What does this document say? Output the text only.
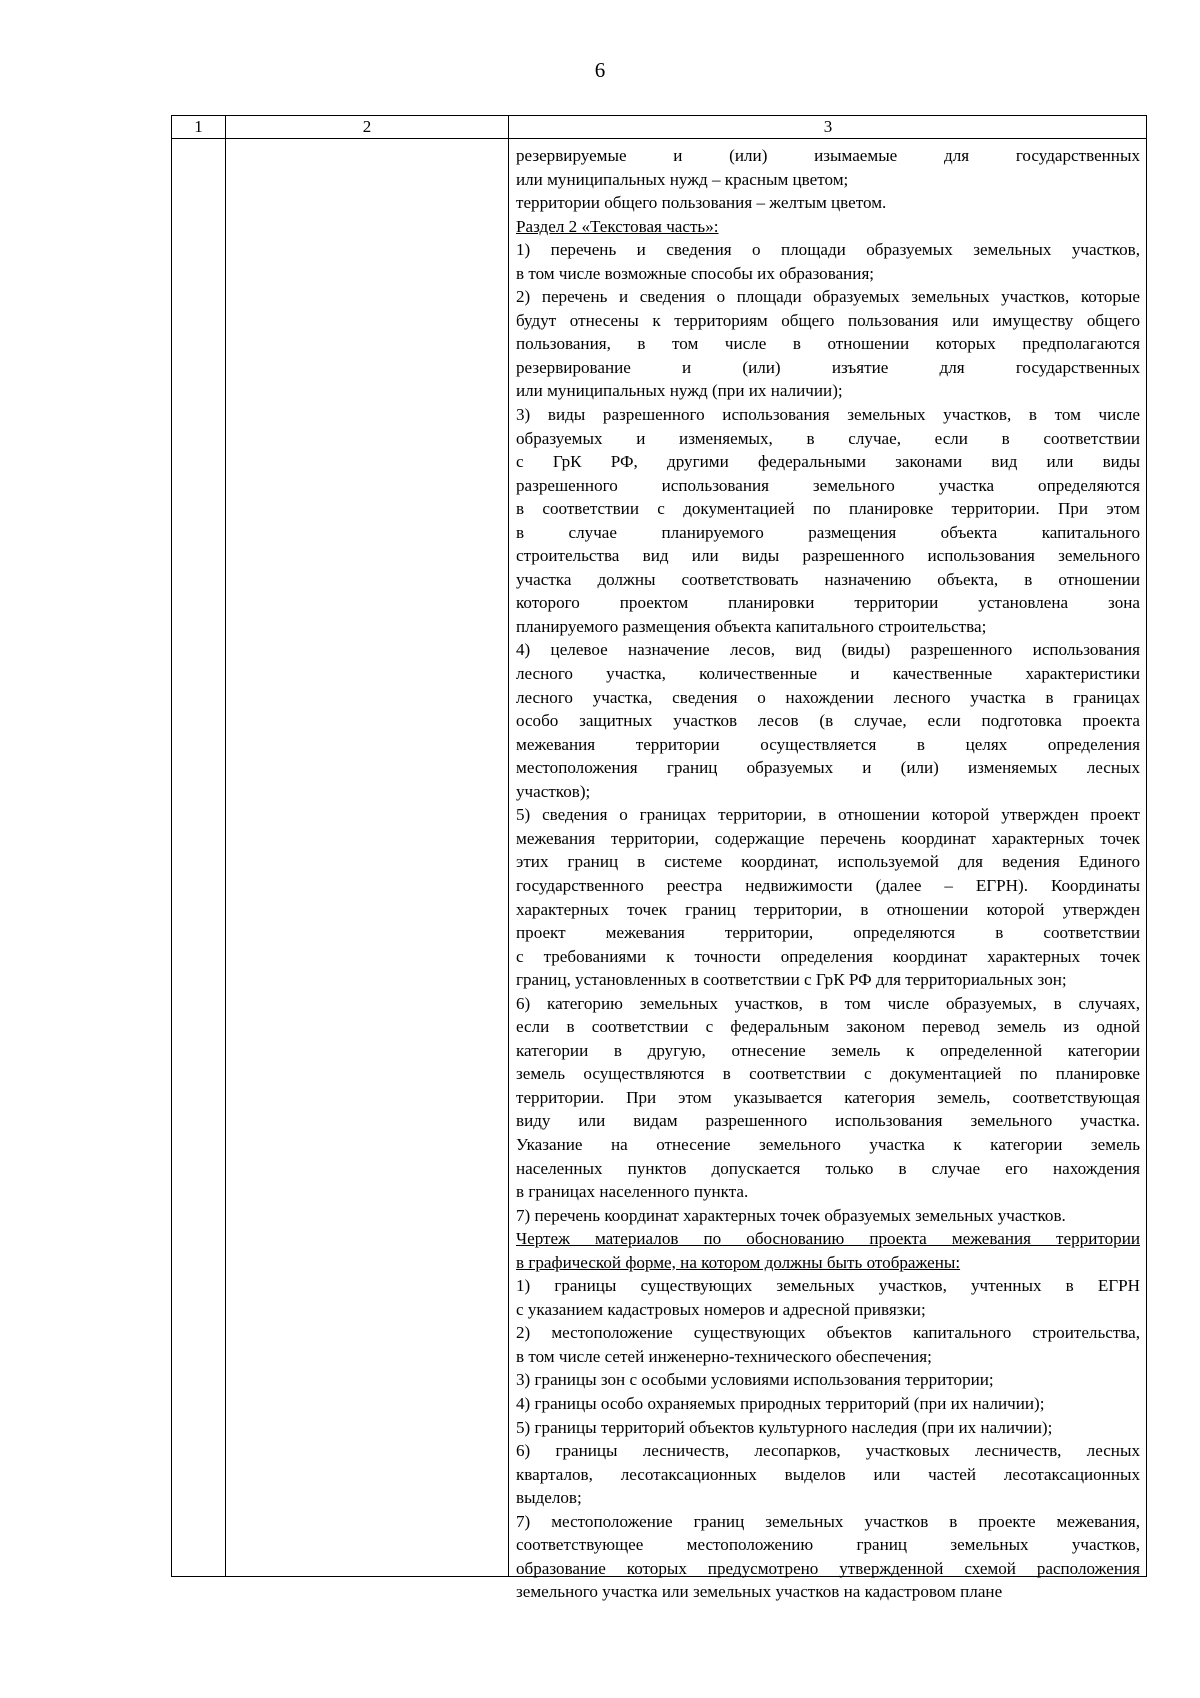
6
1	2	3
резервируемые и (или) изымаемые для государственных
или муниципальных нужд – красным цветом;
территории общего пользования – желтым цветом.
Раздел 2 «Текстовая часть»:
1) перечень и сведения о площади образуемых земельных участков,
в том числе возможные способы их образования;
2) перечень и сведения о площади образуемых земельных участков, которые
будут отнесены к территориям общего пользования или имуществу общего
пользования, в том числе в отношении которых предполагаются
резервирование и (или) изъятие для государственных
или муниципальных нужд (при их наличии);
3) виды разрешенного использования земельных участков, в том числе
образуемых и изменяемых, в случае, если в соответствии
с ГрК РФ, другими федеральными законами вид или виды
разрешенного использования земельного участка определяются
в соответствии с документацией по планировке территории. При этом
в случае планируемого размещения объекта капитального
строительства вид или виды разрешенного использования земельного
участка должны соответствовать назначению объекта, в отношении
которого проектом планировки территории установлена зона
планируемого размещения объекта капитального строительства;
4) целевое назначение лесов, вид (виды) разрешенного использования
лесного участка, количественные и качественные характеристики
лесного участка, сведения о нахождении лесного участка в границах
особо защитных участков лесов (в случае, если подготовка проекта
межевания территории осуществляется в целях определения
местоположения границ образуемых и (или) изменяемых лесных
участков);
5) сведения о границах территории, в отношении которой утвержден проект
межевания территории, содержащие перечень координат характерных точек
этих границ в системе координат, используемой для ведения Единого
государственного реестра недвижимости (далее – ЕГРН). Координаты
характерных точек границ территории, в отношении которой утвержден
проект межевания территории, определяются в соответствии
с требованиями к точности определения координат характерных точек
границ, установленных в соответствии с ГрК РФ для территориальных зон;
6) категорию земельных участков, в том числе образуемых, в случаях,
если в соответствии с федеральным законом перевод земель из одной
категории в другую, отнесение земель к определенной категории
земель осуществляются в соответствии с документацией по планировке
территории. При этом указывается категория земель, соответствующая
виду или видам разрешенного использования земельного участка.
Указание на отнесение земельного участка к категории земель
населенных пунктов допускается только в случае его нахождения
в границах населенного пункта.
7) перечень координат характерных точек образуемых земельных участков.
Чертеж материалов по обоснованию проекта межевания территории
в графической форме, на котором должны быть отображены:
1) границы существующих земельных участков, учтенных в ЕГРН
с указанием кадастровых номеров и адресной привязки;
2) местоположение существующих объектов капитального строительства,
в том числе сетей инженерно-технического обеспечения;
3) границы зон с особыми условиями использования территории;
4) границы особо охраняемых природных территорий (при их наличии);
5) границы территорий объектов культурного наследия (при их наличии);
6) границы лесничеств, лесопарков, участковых лесничеств, лесных
кварталов, лесотаксационных выделов или частей лесотаксационных
выделов;
7) местоположение границ земельных участков в проекте межевания,
соответствующее местоположению границ земельных участков,
образование которых предусмотрено утвержденной схемой расположения
земельного участка или земельных участков на кадастровом плане
